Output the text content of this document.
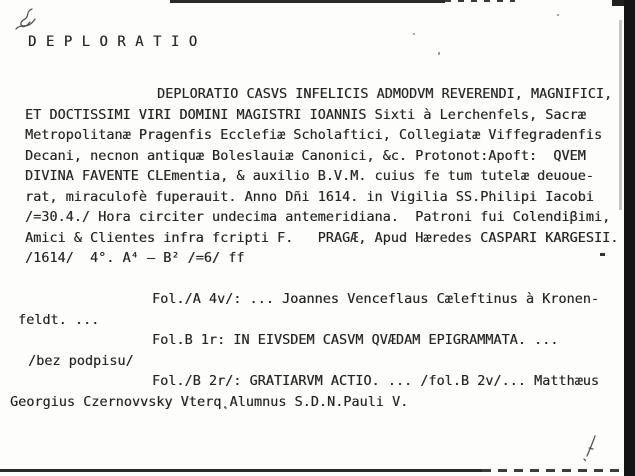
D E P L O R A T I O
DEPLORATIO CASVS INFELICIS ADMODVM REVERENDI, MAGNIFICI,
ET DOCTISSIMI VIRI DOMINI MAGISTRI IOANNIS Sixti à Lerchenfels, Sacræ
Metropolitanæ Pragenfis Ecclefiæ Scholaftici, Collegiatæ Viffegradenfis
Decani, necnon antiquæ Boleslauiæ Canonici, &c. Protonot:Apoft:  QVEM
DIVINA FAVENTE CLEmentia, & auxilio B.V.M. cuius fe tum tutelæ deuoue-
rat, miraculofè fuperauit. Anno Dñi 1614. in Vigilia SS.Philipi Iacobi
/=30.4./ Hora circiter undecima antemeridiana.  Patroni fui Colendiβimi,
Amici & Clientes infra fcripti F.   PRAGÆ, Apud Hæredes CASPARI KARGESII.
/1614/  4°. A⁴ – B² /=6/ ff
Fol./A 4v/: ... Joannes Venceflaus Cæleftinus à Kronen-
feldt. ...
Fol.B 1r: IN EIVSDEM CASVM QVÆDAM EPIGRAMMATA. ...
/bez podpisu/
Fol./B 2r/: GRATIARVM ACTIO. ... /fol.B 2v/... Matthæus
Georgius Czernovvsky Vterq̨ Alumnus S.D.N.Pauli V.
